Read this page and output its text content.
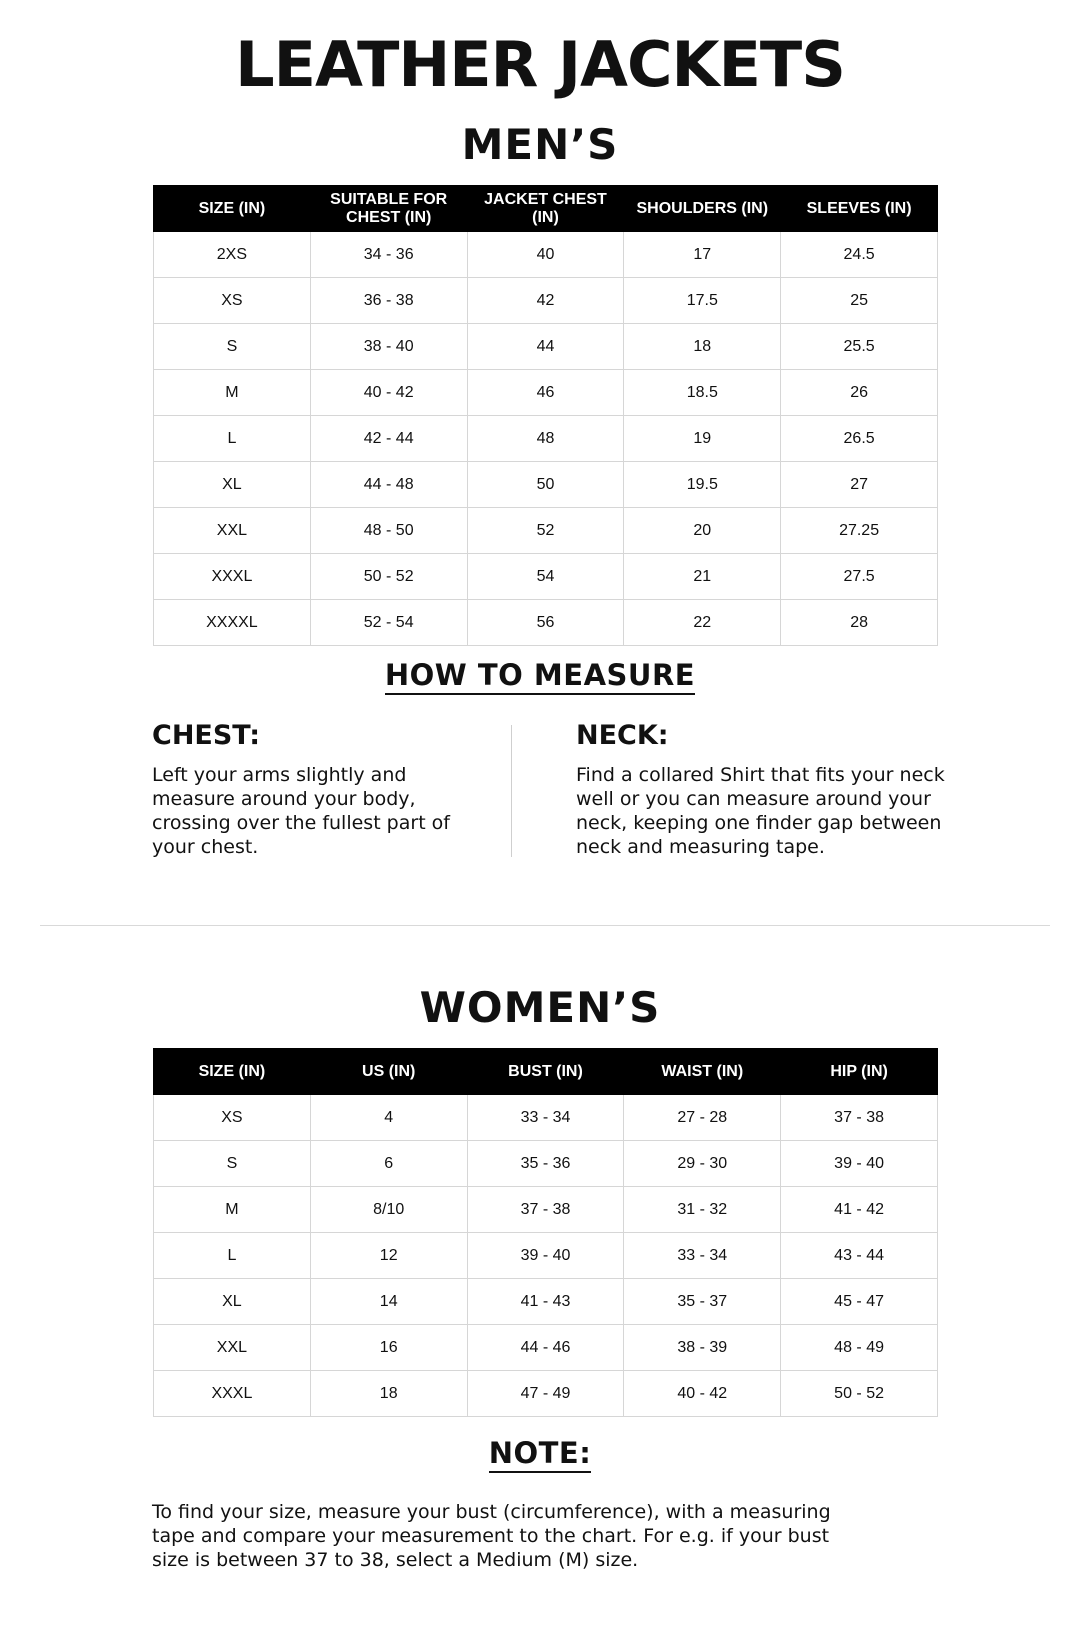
LEATHER JACKETS
MEN’S
SIZE (IN)	SUITABLE FOR CHEST (IN)	JACKET CHEST (IN)	SHOULDERS (IN)	SLEEVES (IN)
2XS	34 - 36	40	17	24.5
XS	36 - 38	42	17.5	25
S	38 - 40	44	18	25.5
M	40 - 42	46	18.5	26
L	42 - 44	48	19	26.5
XL	44 - 48	50	19.5	27
XXL	48 - 50	52	20	27.25
XXXL	50 - 52	54	21	27.5
XXXXL	52 - 54	56	22	28
HOW TO MEASURE
CHEST:
Left your arms slightly and measure around your body, crossing over the fullest part of your chest.
NECK:
Find a collared Shirt that fits your neck well or you can measure around your neck, keeping one finder gap between neck and measuring tape.
WOMEN’S
SIZE (IN)	US (IN)	BUST (IN)	WAIST (IN)	HIP (IN)
XS	4	33 - 34	27 - 28	37 - 38
S	6	35 - 36	29 - 30	39 - 40
M	8/10	37 - 38	31 - 32	41 - 42
L	12	39 - 40	33 - 34	43 - 44
XL	14	41 - 43	35 - 37	45 - 47
XXL	16	44 - 46	38 - 39	48 - 49
XXXL	18	47 - 49	40 - 42	50 - 52
NOTE:
To find your size, measure your bust (circumference), with a measuring tape and compare your measurement to the chart. For e.g. if your bust size is between 37 to 38, select a Medium (M) size.
